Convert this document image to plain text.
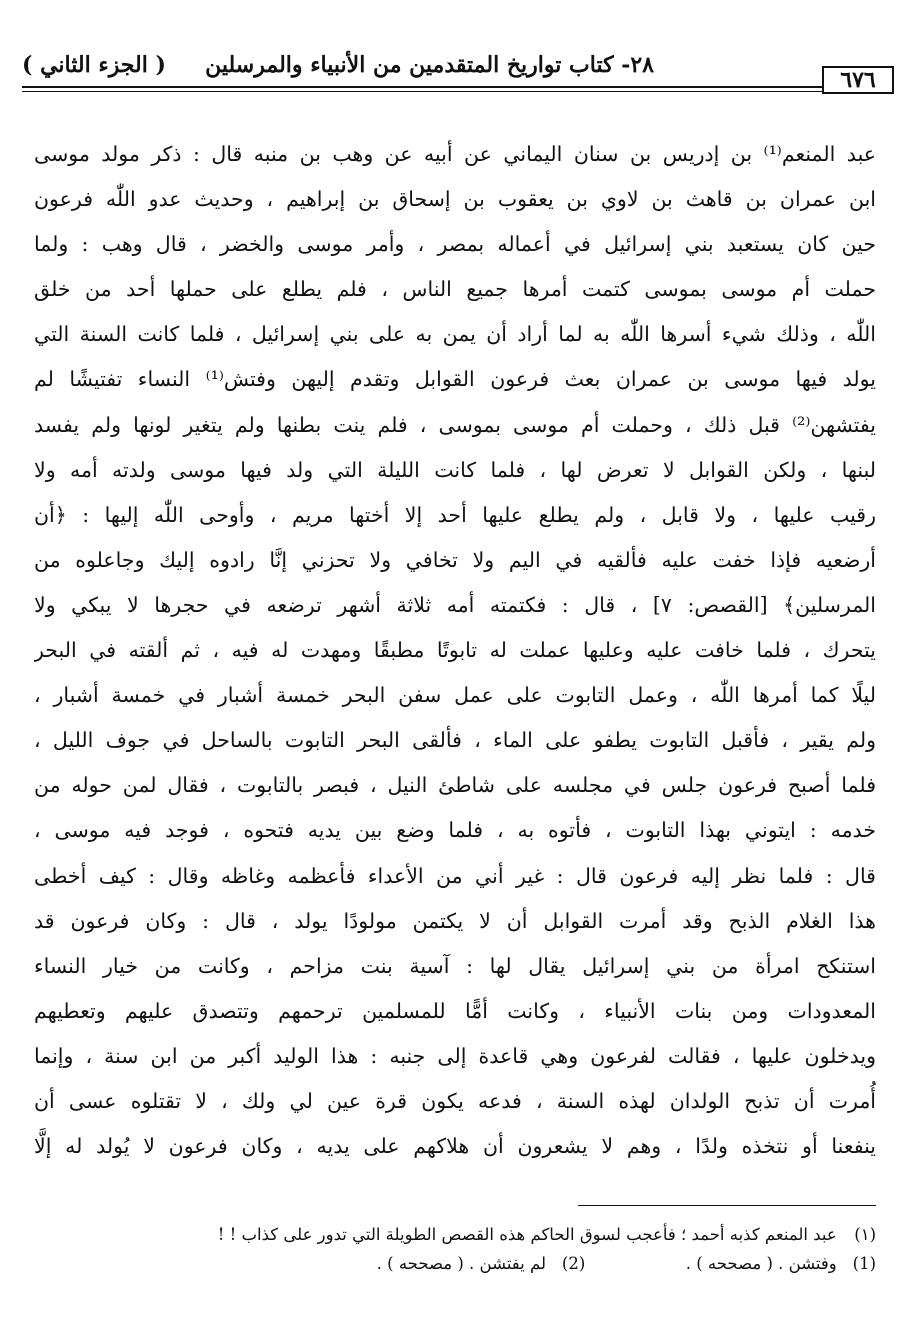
٦٧٦
٢٨- كتاب تواريخ المتقدمين من الأنبياء والمرسلين
( الجزء الثاني )
عبد المنعم⁽¹⁾ بن إدريس بن سنان اليماني عن أبيه عن وهب بن منبه قال : ذكر مولد موسى
ابن عمران بن قاهث بن لاوي بن يعقوب بن إسحاق بن إبراهيم ، وحديث عدو اللّٰه فرعون
حين كان يستعبد بني إسرائيل في أعماله بمصر ، وأمر موسى والخضر ، قال وهب : ولما
حملت أم موسى بموسى كتمت أمرها جميع الناس ، فلم يطلع على حملها أحد من خلق
اللّٰه ، وذلك شيء أسرها اللّٰه به لما أراد أن يمن به على بني إسرائيل ، فلما كانت السنة التي
يولد فيها موسى بن عمران بعث فرعون القوابل وتقدم إليهن وفتش⁽¹⁾ النساء تفتيشًا لم
يفتشهن⁽²⁾ قبل ذلك ، وحملت أم موسى بموسى ، فلم ينت بطنها ولم يتغير لونها ولم يفسد
لبنها ، ولكن القوابل لا تعرض لها ، فلما كانت الليلة التي ولد فيها موسى ولدته أمه ولا
رقيب عليها ، ولا قابل ، ولم يطلع عليها أحد إلا أختها مريم ، وأوحى اللّٰه إليها : ﴿أن
أرضعيه فإذا خفت عليه فألقيه في اليم ولا تخافي ولا تحزني إنَّا رادوه إليك وجاعلوه من
المرسلين﴾ [القصص: ٧] ، قال : فكتمته أمه ثلاثة أشهر ترضعه في حجرها لا يبكي ولا
يتحرك ، فلما خافت عليه وعليها عملت له تابوتًا مطبقًا ومهدت له فيه ، ثم ألقته في البحر
ليلًا كما أمرها اللّٰه ، وعمل التابوت على عمل سفن البحر خمسة أشبار في خمسة أشبار ،
ولم يقير ، فأقبل التابوت يطفو على الماء ، فألقى البحر التابوت بالساحل في جوف الليل ،
فلما أصبح فرعون جلس في مجلسه على شاطئ النيل ، فبصر بالتابوت ، فقال لمن حوله من
خدمه : ايتوني بهذا التابوت ، فأتوه به ، فلما وضع بين يديه فتحوه ، فوجد فيه موسى ،
قال : فلما نظر إليه فرعون قال : غير أني من الأعداء فأعظمه وغاظه وقال : كيف أخطى
هذا الغلام الذبح وقد أمرت القوابل أن لا يكتمن مولودًا يولد ، قال : وكان فرعون قد
استنكح امرأة من بني إسرائيل يقال لها : آسية بنت مزاحم ، وكانت من خيار النساء
المعدودات ومن بنات الأنبياء ، وكانت أمًّا للمسلمين ترحمهم وتتصدق عليهم وتعطيهم
ويدخلون عليها ، فقالت لفرعون وهي قاعدة إلى جنبه : هذا الوليد أكبر من ابن سنة ، وإنما
أُمرت أن تذبح الولدان لهذه السنة ، فدعه يكون قرة عين لي ولك ، لا تقتلوه عسى أن
ينفعنا أو نتخذه ولدًا ، وهم لا يشعرون أن هلاكهم على يديه ، وكان فرعون لا يُولد له إلَّا
(١) عبد المنعم كذبه أحمد ؛ فأعجب لسوق الحاكم هذه القصص الطويلة التي تدور على كذاب ! !
(1) وفتشن . ( مصححه ) .  (2) لم يفتشن . ( مصححه ) .
